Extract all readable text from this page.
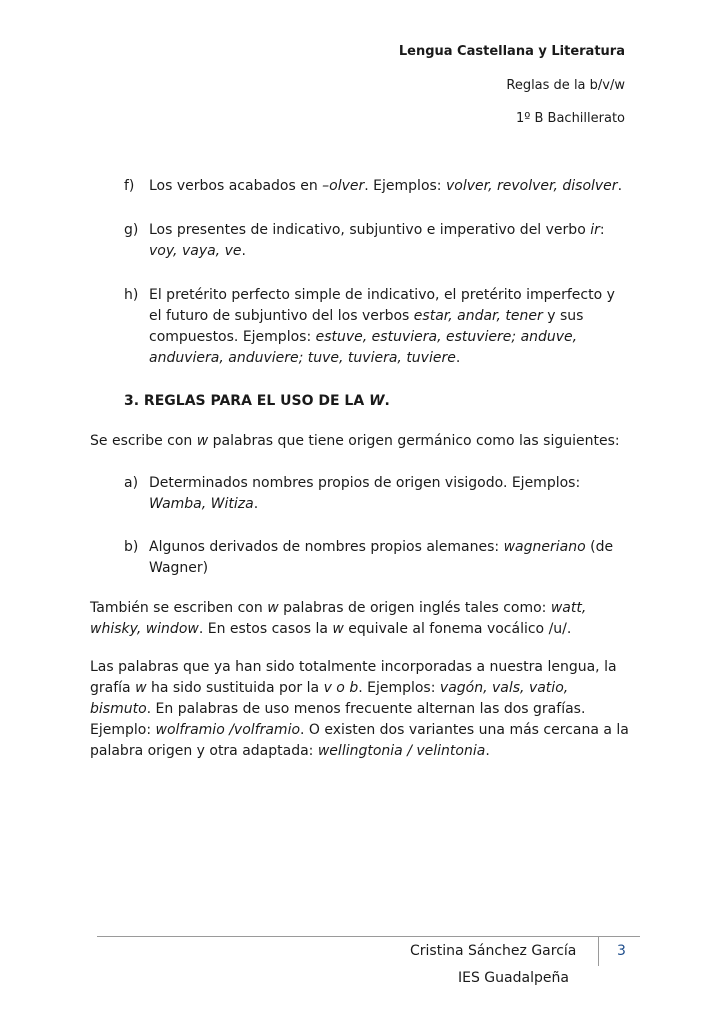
Lengua Castellana y Literatura
Reglas de la b/v/w
1º B Bachillerato
f) Los verbos acabados en –olver. Ejemplos: volver, revolver, disolver.
g) Los presentes de indicativo, subjuntivo e imperativo del verbo ir: voy, vaya, ve.
h) El pretérito perfecto simple de indicativo, el pretérito imperfecto y el futuro de subjuntivo del los verbos estar, andar, tener y sus compuestos. Ejemplos: estuve, estuviera, estuviere; anduve, anduviera, anduviere; tuve, tuviera, tuviere.
3. REGLAS PARA EL USO DE LA W.
Se escribe con w palabras que tiene origen germánico como las siguientes:
a) Determinados nombres propios de origen visigodo. Ejemplos: Wamba, Witiza.
b) Algunos derivados de nombres propios alemanes: wagneriano (de Wagner)
También se escriben con w palabras de origen inglés tales como: watt, whisky, window. En estos casos la w equivale al fonema vocálico /u/.
Las palabras que ya han sido totalmente incorporadas a nuestra lengua, la grafía w ha sido sustituida por la v o b. Ejemplos: vagón, vals, vatio, bismuto. En palabras de uso menos frecuente alternan las dos grafías. Ejemplo: wolframio /volframio. O existen dos variantes una más cercana a la palabra origen y otra adaptada: wellingtonia / velintonia.
Cristina Sánchez García	3
IES Guadalpeña
